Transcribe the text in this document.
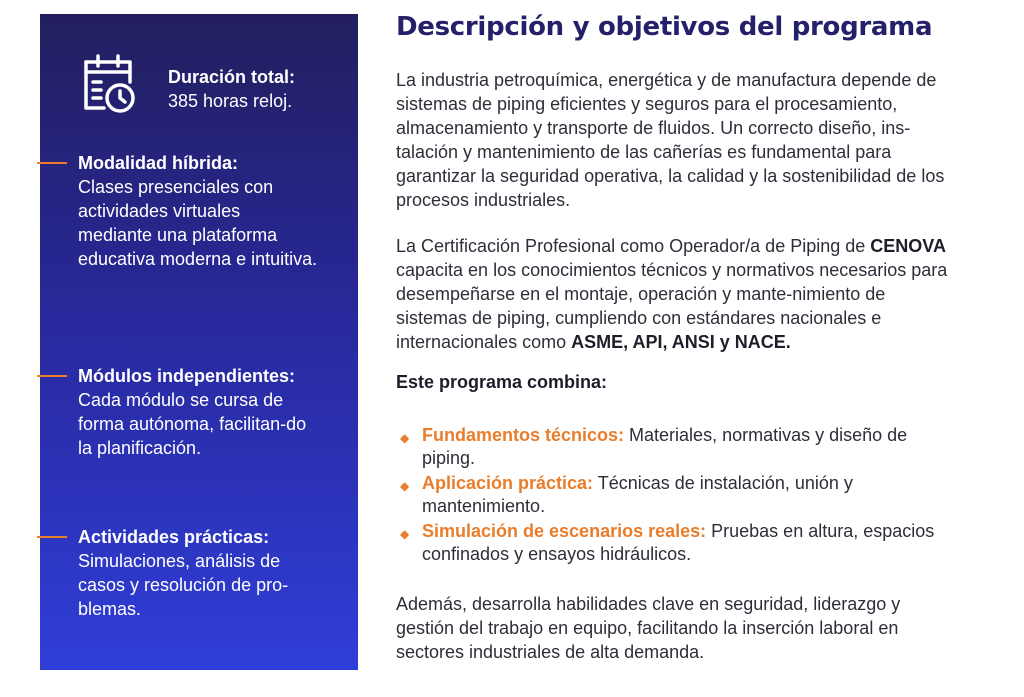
Duración total:
385 horas reloj.
Modalidad híbrida:
Clases presenciales con actividades virtuales mediante una plataforma educativa moderna e intuitiva.
Módulos independientes:
Cada módulo se cursa de forma autónoma, facilitan-do la planificación.
Actividades prácticas:
Simulaciones, análisis de casos y resolución de pro-blemas.
Descripción y objetivos del programa

La industria petroquímica, energética y de manufactura depende de sistemas de piping eficientes y seguros para el procesamiento, almacenamiento y transporte de fluidos. Un correcto diseño, ins-talación y mantenimiento de las cañerías es fundamental para garantizar la seguridad operativa, la calidad y la sostenibilidad de los procesos industriales.

La Certificación Profesional como Operador/a de Piping de CENOVA capacita en los conocimientos técnicos y normativos necesarios para desempeñarse en el montaje, operación y mante-nimiento de sistemas de piping, cumpliendo con estándares nacionales e internacionales como ASME, API, ANSI y NACE.

Este programa combina:
◆ Fundamentos técnicos: Materiales, normativas y diseño de piping.
◆ Aplicación práctica: Técnicas de instalación, unión y mantenimiento.
◆ Simulación de escenarios reales: Pruebas en altura, espacios confinados y ensayos hidráulicos.

Además, desarrolla habilidades clave en seguridad, liderazgo y gestión del trabajo en equipo, facilitando la inserción laboral en sectores industriales de alta demanda.
